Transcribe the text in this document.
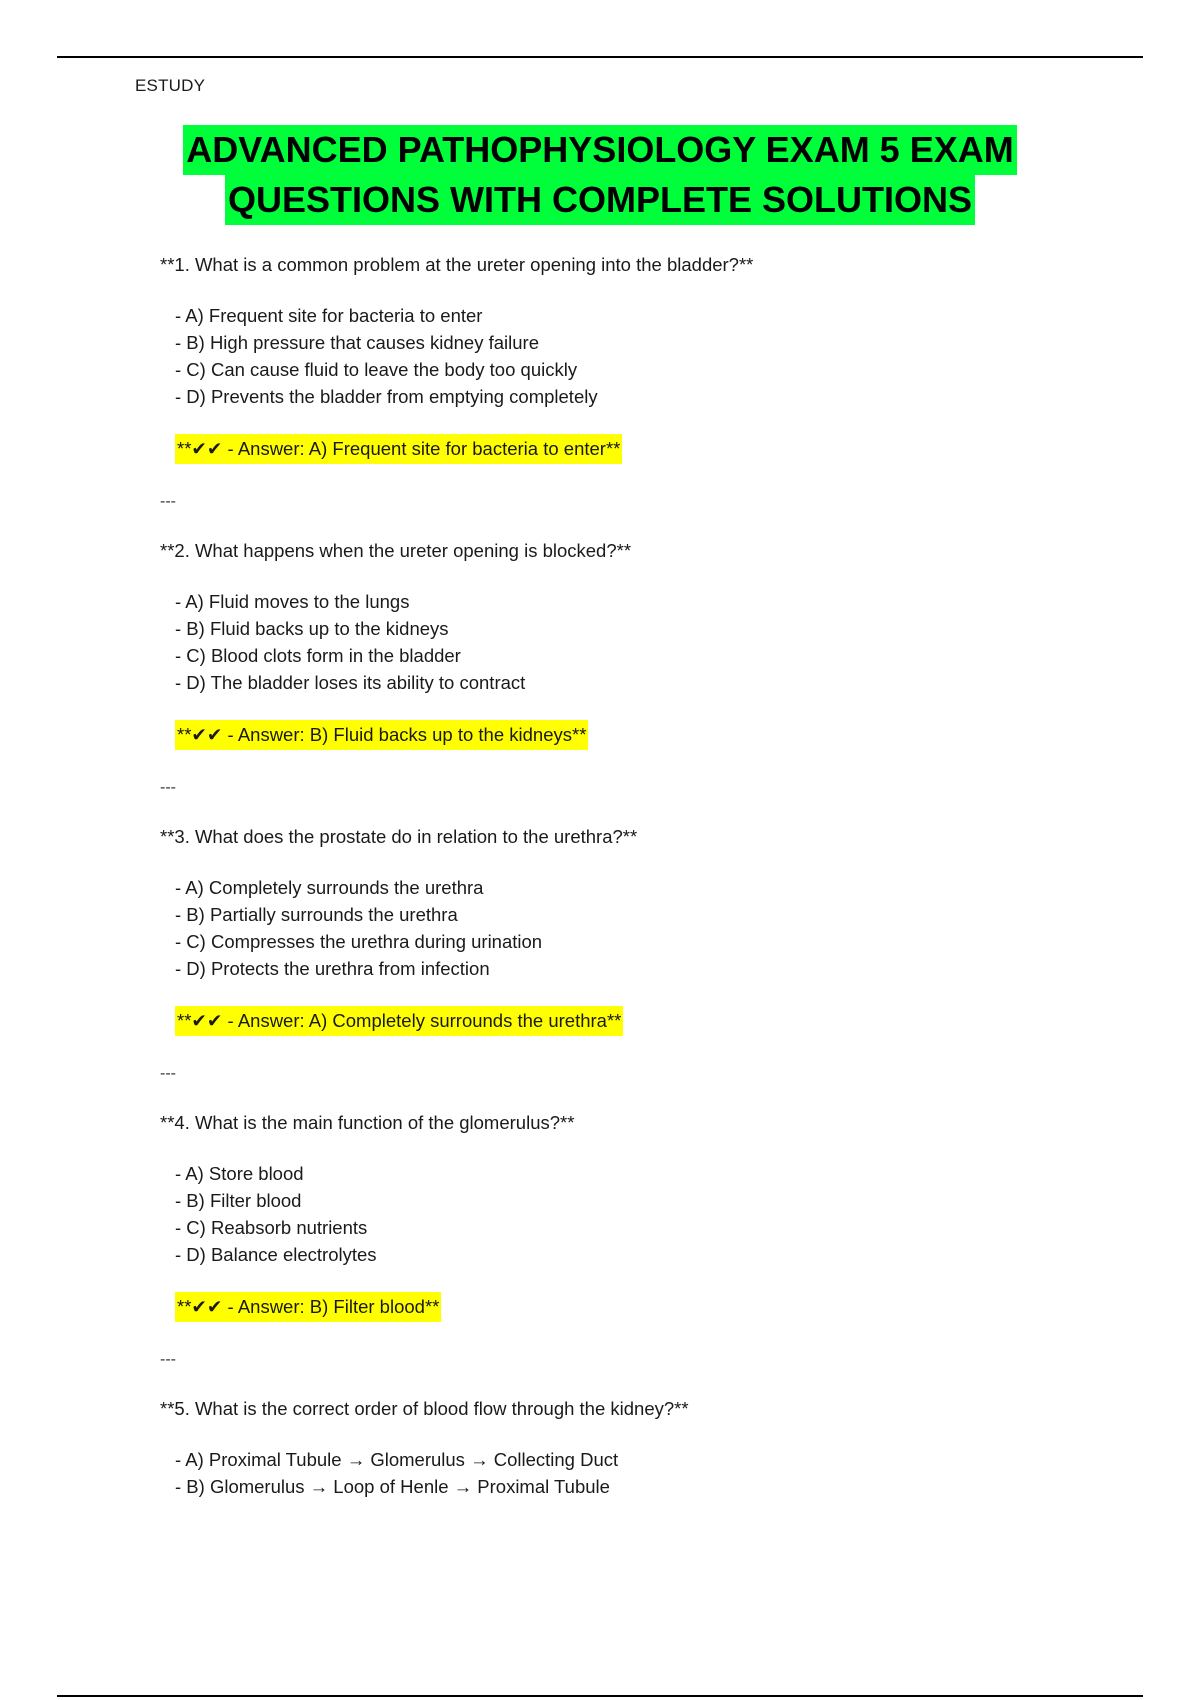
ESTUDY
ADVANCED PATHOPHYSIOLOGY EXAM 5 EXAM
QUESTIONS WITH COMPLETE SOLUTIONS
**1. What is a common problem at the ureter opening into the bladder?**
- A) Frequent site for bacteria to enter
- B) High pressure that causes kidney failure
- C) Can cause fluid to leave the body too quickly
- D) Prevents the bladder from emptying completely
**✔✔ - Answer: A) Frequent site for bacteria to enter**
---
**2. What happens when the ureter opening is blocked?**
- A) Fluid moves to the lungs
- B) Fluid backs up to the kidneys
- C) Blood clots form in the bladder
- D) The bladder loses its ability to contract
**✔✔ - Answer: B) Fluid backs up to the kidneys**
---
**3. What does the prostate do in relation to the urethra?**
- A) Completely surrounds the urethra
- B) Partially surrounds the urethra
- C) Compresses the urethra during urination
- D) Protects the urethra from infection
**✔✔ - Answer: A) Completely surrounds the urethra**
---
**4. What is the main function of the glomerulus?**
- A) Store blood
- B) Filter blood
- C) Reabsorb nutrients
- D) Balance electrolytes
**✔✔ - Answer: B) Filter blood**
---
**5. What is the correct order of blood flow through the kidney?**
- A) Proximal Tubule → Glomerulus → Collecting Duct
- B) Glomerulus → Loop of Henle → Proximal Tubule
